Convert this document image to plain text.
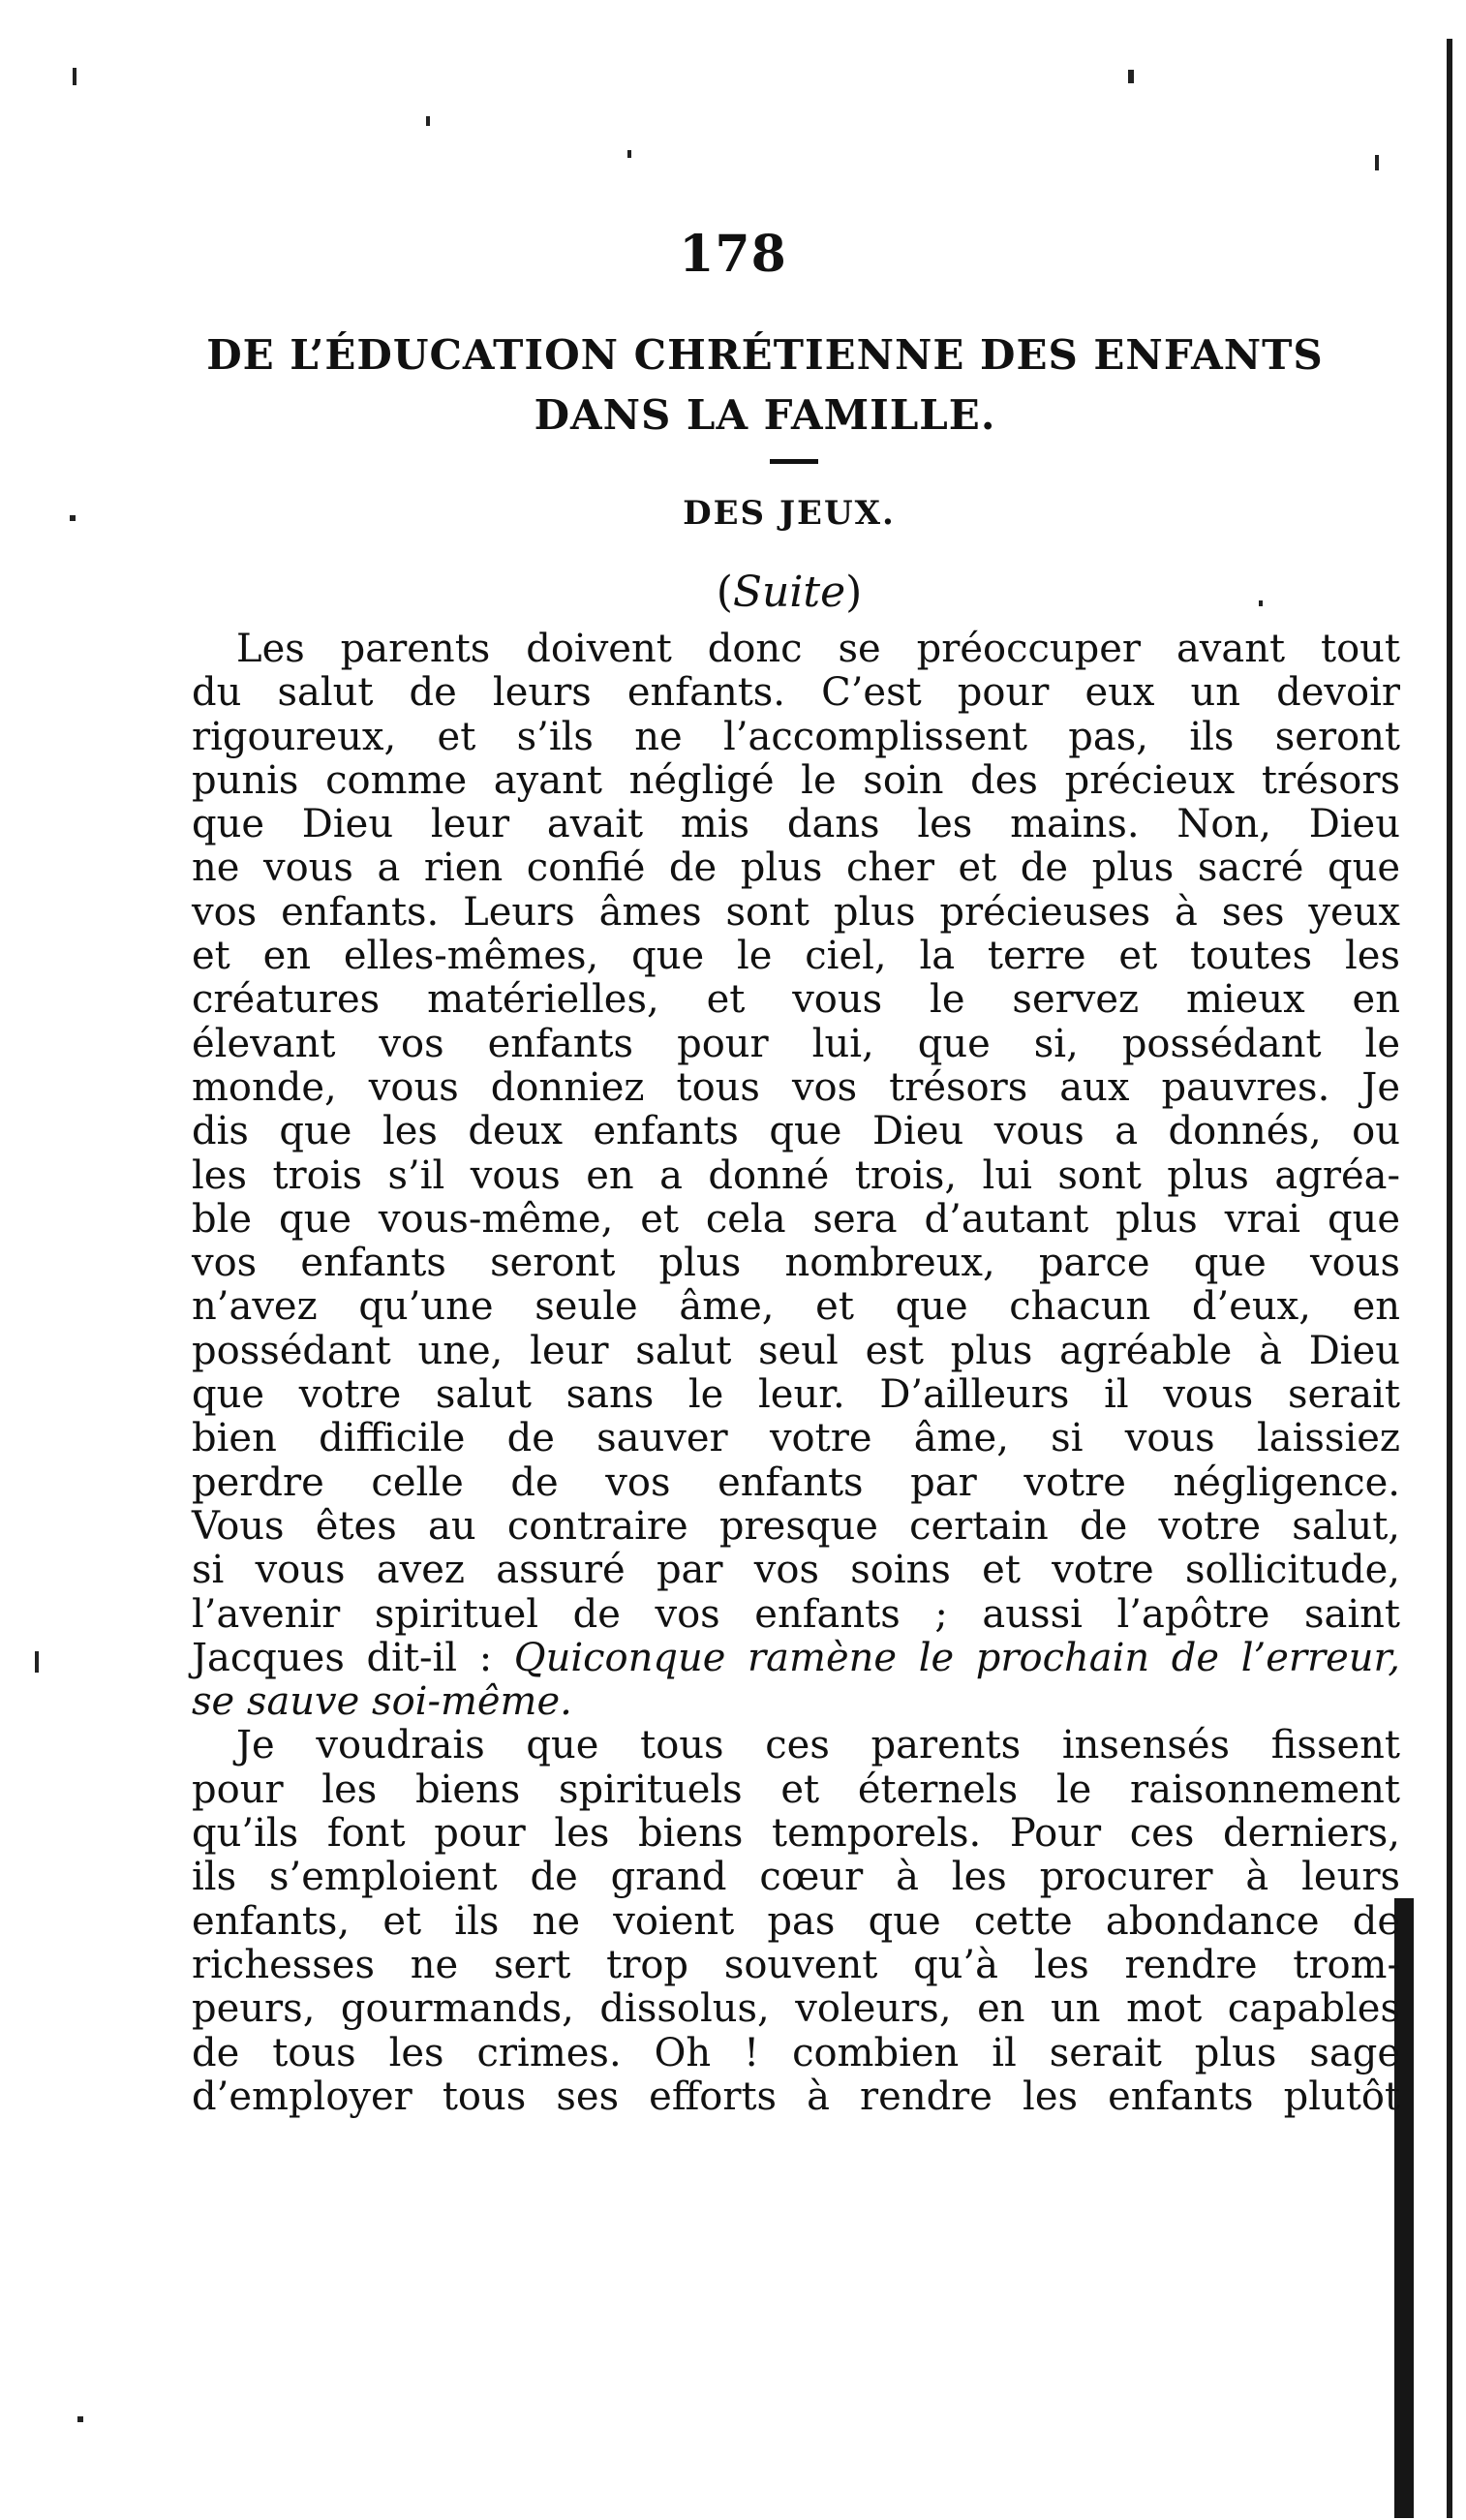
178
DE L’ÉDUCATION CHRÉTIENNE DES ENFANTS
DANS LA FAMILLE.
DES JEUX.
(Suite)
Les parents doivent donc se préoccuper avant tout
du salut de leurs enfants. C’est pour eux un devoir
rigoureux, et s’ils ne l’accomplissent pas, ils seront
punis comme ayant négligé le soin des précieux trésors
que Dieu leur avait mis dans les mains. Non, Dieu
ne vous a rien confié de plus cher et de plus sacré que
vos enfants. Leurs âmes sont plus précieuses à ses yeux
et en elles-mêmes, que le ciel, la terre et toutes les
créatures matérielles, et vous le servez mieux en
élevant vos enfants pour lui, que si, possédant le
monde, vous donniez tous vos trésors aux pauvres. Je
dis que les deux enfants que Dieu vous a donnés, ou
les trois s’il vous en a donné trois, lui sont plus agréa-
ble que vous-même, et cela sera d’autant plus vrai que
vos enfants seront plus nombreux, parce que vous
n’avez qu’une seule âme, et que chacun d’eux, en
possédant une, leur salut seul est plus agréable à Dieu
que votre salut sans le leur. D’ailleurs il vous serait
bien difficile de sauver votre âme, si vous laissiez
perdre celle de vos enfants par votre négligence.
Vous êtes au contraire presque certain de votre salut,
si vous avez assuré par vos soins et votre sollicitude,
l’avenir spirituel de vos enfants ; aussi l’apôtre saint
Jacques dit-il : Quiconque ramène le prochain de l’erreur,
se sauve soi-même.
Je voudrais que tous ces parents insensés fissent
pour les biens spirituels et éternels le raisonnement
qu’ils font pour les biens temporels. Pour ces derniers,
ils s’emploient de grand cœur à les procurer à leurs
enfants, et ils ne voient pas que cette abondance de
richesses ne sert trop souvent qu’à les rendre trom-
peurs, gourmands, dissolus, voleurs, en un mot capables
de tous les crimes. Oh ! combien il serait plus sage
d’employer tous ses efforts à rendre les enfants plutôt
